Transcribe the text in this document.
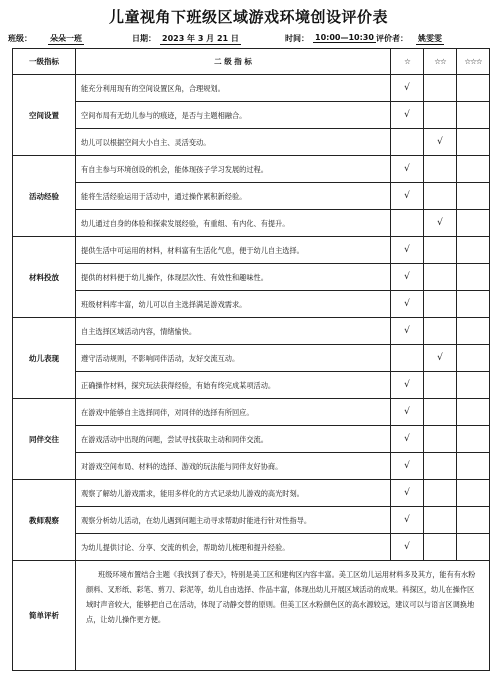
儿童视角下班级区域游戏环境创设评价表
班级： 朵朵一班	日期： 2023 年 3 月 21 日	时间： 10:00—10:30 评价者： 姚雯雯
一级指标	二 级 指 标	☆	☆☆	☆☆☆
空间设置	能充分利用现有的空间设置区角，合理规划。	√		
	空间布局有无幼儿参与的痕迹，是否与主题相融合。	√		
	幼儿可以根据空间大小自主、灵活变动。		√	
活动经验	有自主参与环境创设的机会，能体现孩子学习发展的过程。	√		
	能将生活经验运用于活动中，通过操作累积新经验。	√		
	幼儿通过自身的体验和探索发展经验，有重组、有内化、有提升。		√	
材料投放	提供生活中可运用的材料，材料富有生活化气息，便于幼儿自主选择。	√		
	提供的材料便于幼儿操作，体现层次性、有效性和趣味性。	√		
	班级材料库丰富，幼儿可以自主选择满足游戏需求。	√		
幼儿表现	自主选择区域活动内容，情绪愉快。	√		
	遵守活动规则，不影响同伴活动，友好交流互动。		√	
	正确操作材料，探究玩法获得经验，有始有终完成某项活动。	√		
同伴交往	在游戏中能够自主选择同伴，对同伴的选择有所回应。	√		
	在游戏活动中出现的问题，尝试寻找获取主动和同伴交流。	√		
	对游戏空间布局、材料的选择、游戏的玩法能与同伴友好协商。	√		
教师观察	观察了解幼儿游戏需求，能用多样化的方式记录幼儿游戏的高光时刻。	√		
	观察分析幼儿活动，在幼儿遇到问题主动寻求帮助时能进行针对性指导。	√		
	为幼儿提供讨论、分享、交流的机会，帮助幼儿梳理和提升经验。	√		
简单评析	班级环境布置结合主题《我找到了春天》，特别是美工区和建构区内容丰富。美工区幼儿运用材料多及其方，能有有水粉颜料、叉形纸、彩笔、剪刀、彩泥等，幼儿自由选择、作品丰富，体现出幼儿开展区域活动的成果。科探区，幼儿在操作区域时声音较大，能够把自己在活动，体现了动静交替的原则。但美工区水粉颜色区的高水源较远，建议可以与语言区调换地点，让幼儿操作更方便。			
